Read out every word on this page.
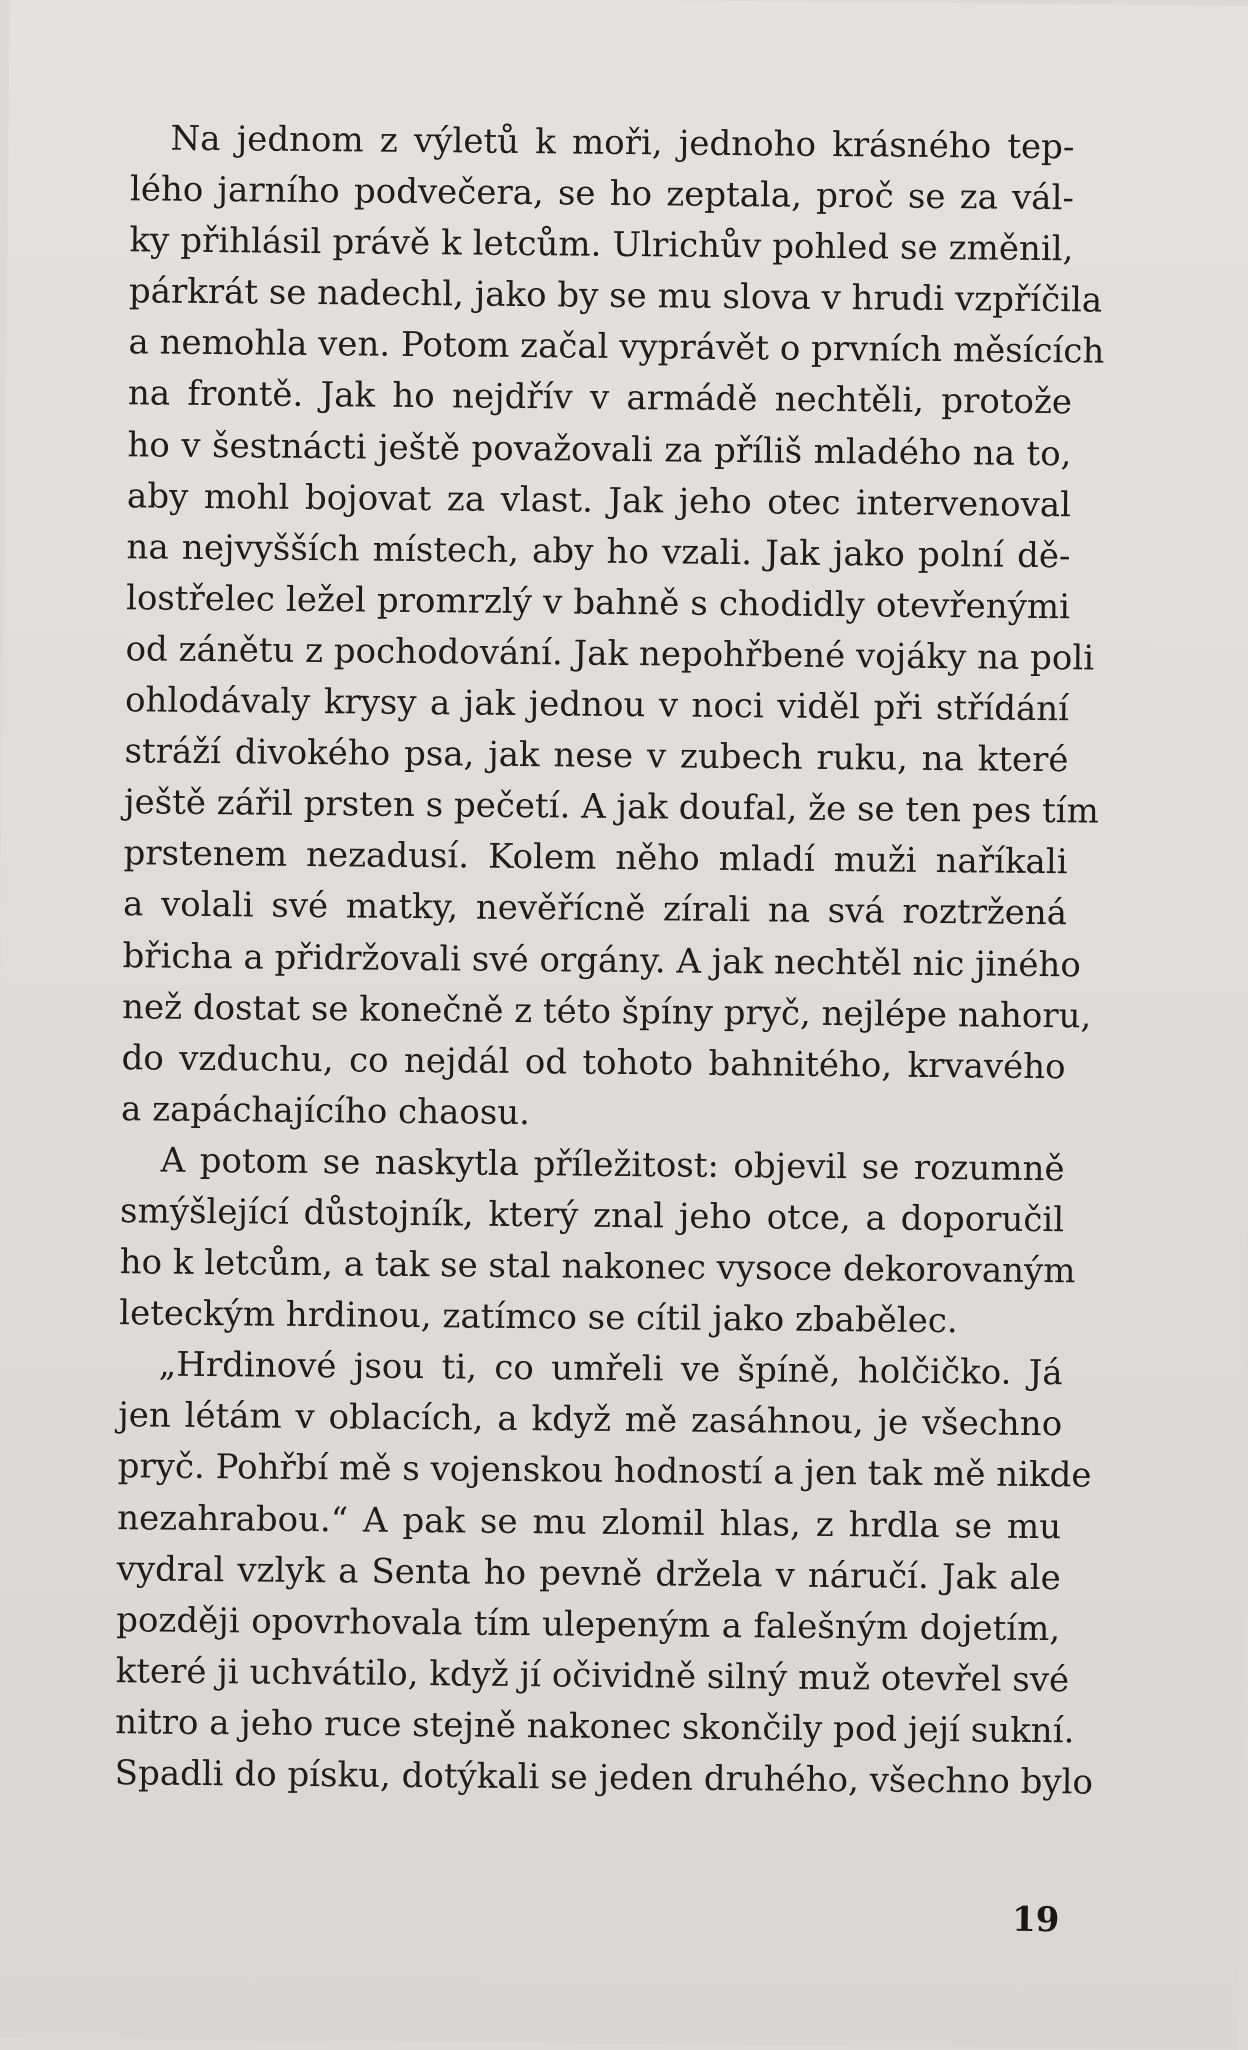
Na jednom z výletů k moři, jednoho krásného tep-
lého jarního podvečera, se ho zeptala, proč se za vál-
ky přihlásil právě k letcům. Ulrichův pohled se změnil,
párkrát se nadechl, jako by se mu slova v hrudi vzpříčila
a nemohla ven. Potom začal vyprávět o prvních měsících
na frontě. Jak ho nejdřív v armádě nechtěli, protože
ho v šestnácti ještě považovali za příliš mladého na to,
aby mohl bojovat za vlast. Jak jeho otec intervenoval
na nejvyšších místech, aby ho vzali. Jak jako polní dě-
lostřelec ležel promrzlý v bahně s chodidly otevřenými
od zánětu z pochodování. Jak nepohřbené vojáky na poli
ohlodávaly krysy a jak jednou v noci viděl při střídání
stráží divokého psa, jak nese v zubech ruku, na které
ještě zářil prsten s pečetí. A jak doufal, že se ten pes tím
prstenem nezadusí. Kolem něho mladí muži naříkali
a volali své matky, nevěřícně zírali na svá roztržená
břicha a přidržovali své orgány. A jak nechtěl nic jiného
než dostat se konečně z této špíny pryč, nejlépe nahoru,
do vzduchu, co nejdál od tohoto bahnitého, krvavého
a zapáchajícího chaosu.
A potom se naskytla příležitost: objevil se rozumně
smýšlející důstojník, který znal jeho otce, a doporučil
ho k letcům, a tak se stal nakonec vysoce dekorovaným
leteckým hrdinou, zatímco se cítil jako zbabělec.
„Hrdinové jsou ti, co umřeli ve špíně, holčičko. Já
jen létám v oblacích, a když mě zasáhnou, je všechno
pryč. Pohřbí mě s vojenskou hodností a jen tak mě nikde
nezahrabou.“ A pak se mu zlomil hlas, z hrdla se mu
vydral vzlyk a Senta ho pevně držela v náručí. Jak ale
později opovrhovala tím ulepeným a falešným dojetím,
které ji uchvátilo, když jí očividně silný muž otevřel své
nitro a jeho ruce stejně nakonec skončily pod její sukní.
Spadli do písku, dotýkali se jeden druhého, všechno bylo
19
